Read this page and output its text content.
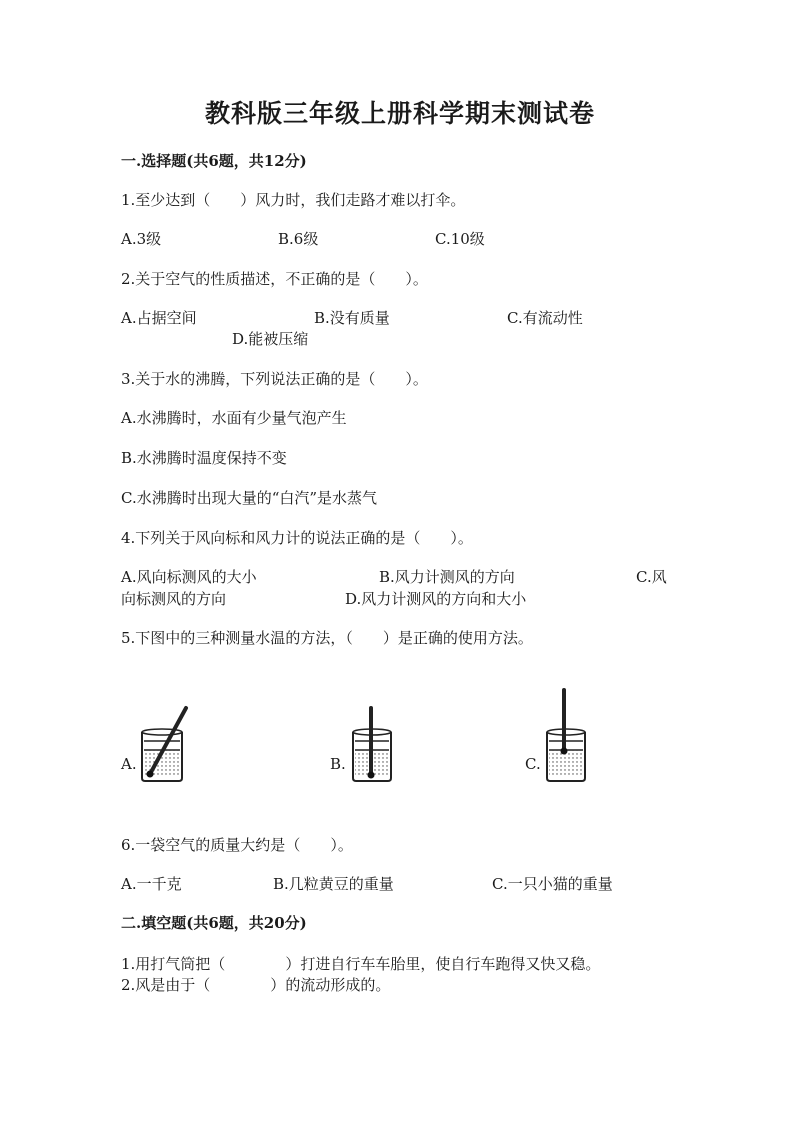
教科版三年级上册科学期末测试卷
一.选择题(共6题，共12分)
1.至少达到（　　）风力时，我们走路才难以打伞。
A.3级	B.6级	C.10级
2.关于空气的性质描述，不正确的是（　　）。
A.占据空间	B.没有质量	C.有流动性
D.能被压缩
3.关于水的沸腾，下列说法正确的是（　　）。
A.水沸腾时，水面有少量气泡产生
B.水沸腾时温度保持不变
C.水沸腾时出现大量的“白汽”是水蒸气
4.下列关于风向标和风力计的说法正确的是（　　）。
A.风向标测风的大小	B.风力计测风的方向	C.风
向标测风的方向	D.风力计测风的方向和大小
5.下图中的三种测量水温的方法，（　　）是正确的使用方法。
A.	B.	C.
6.一袋空气的质量大约是（　　）。
A.一千克	B.几粒黄豆的重量	C.一只小猫的重量
二.填空题(共6题，共20分)
1.用打气筒把（　　　　）打进自行车车胎里，使自行车跑得又快又稳。
2.风是由于（　　　　）的流动形成的。
